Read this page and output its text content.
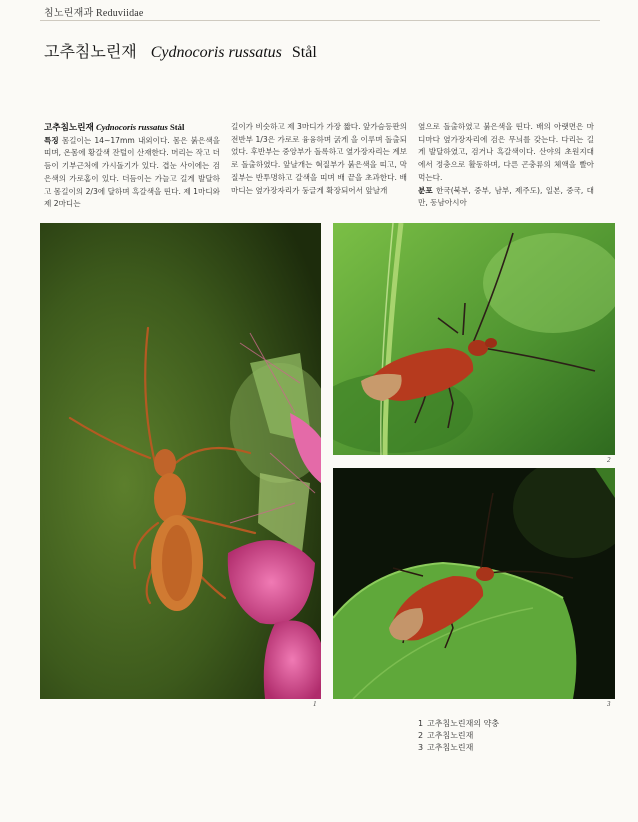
침노린재과 Reduviidae
고추침노린재 Cydnocoris russatus Stål
고추침노린재 Cydnocoris russatus Stål
특징 몸길이는 14~17mm 내외이다. 몸은 붉은색을 띠며, 온몸에 황갈색 잔털이 산재한다. 머리는 작고 더듬이 기부근처에 가시돌기가 있다. 겹눈 사이에는 검은색의 가로홈이 있다. 더듬이는 가늘고 길게 발달하고 몸길이의 2/3에 달하며 흑갈색을 띤다. 제 1마디와 제 2마디는
길이가 비슷하고 제 3마디가 가장 짧다. 앞가슴등판의 전반부 1/3은 가로로 융융하며 굵게 을 이루며 돌출되었다. 후반부는 중앙부가 돌록하고 옆가장자리는 계보로 돌출하였다. 앞날개는 혁질부가 붉은색을 띠고, 막질부는 반투명하고 갈색을 띠며 배 끝을 초과한다. 배마디는 옆가장자리가 둥글게 확장되어서 앞날개
옆으로 돌출하였고 붉은색을 띤다. 배의 아랫면은 마디마다 옆가장자리에 검은 무늬를 갖는다. 다리는 길게 발달하였고, 검거나 흑갈색이다. 산야의 초원지대에서 정충으로 활동하며, 다른 곤충류의 체액을 빨아 먹는다.
분포 한국(북부, 중부, 남부, 제주도), 일본, 중국, 대만, 동남아시아
1
2
3
1 고추침노린재의 약충
2 고추침노린재
3 고추침노린재
